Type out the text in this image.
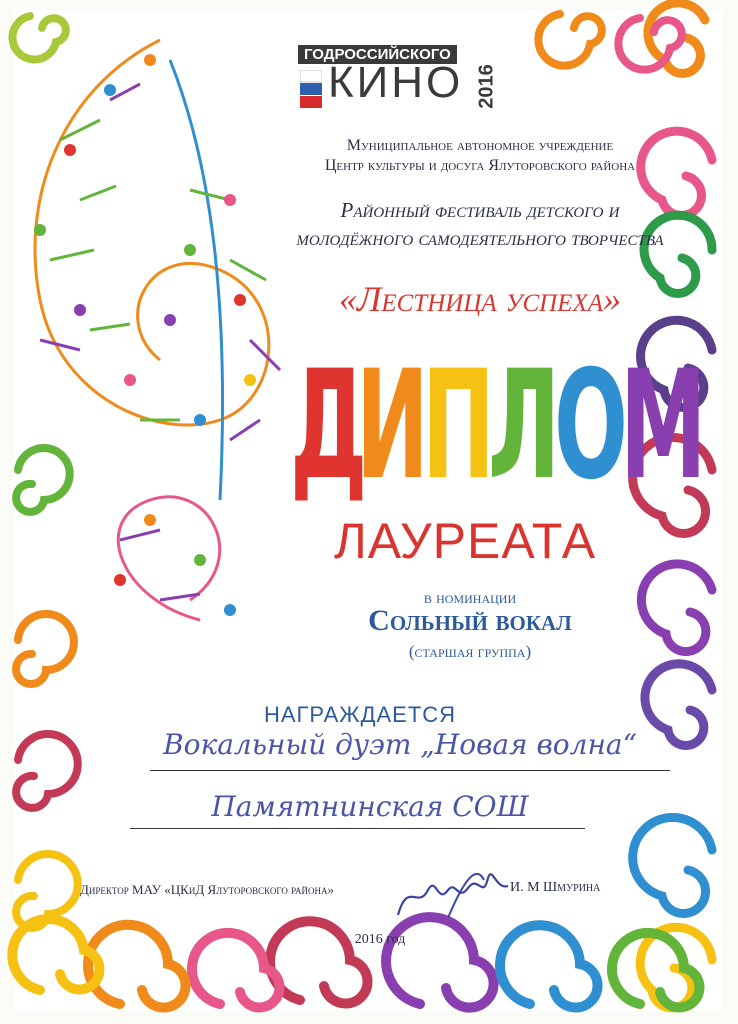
ГОДРОССИЙСКОГО
КИНО 2016
Муниципальное автономное учреждение
Центр культуры и досуга Ялуторовского района
Районный фестиваль детского и
молодёжного самодеятельного творчества
«Лестница успеха»
Д
И
П
Л
О
М
ЛАУРЕАТА
в номинации
Сольный вокал
(старшая группа)
НАГРАЖДАЕТСЯ
Вокальный дуэт „Новая волна“
Памятнинская СОШ
Директор МАУ «ЦКиД Ялуторовского района»	И. М Шмурина
2016 год
